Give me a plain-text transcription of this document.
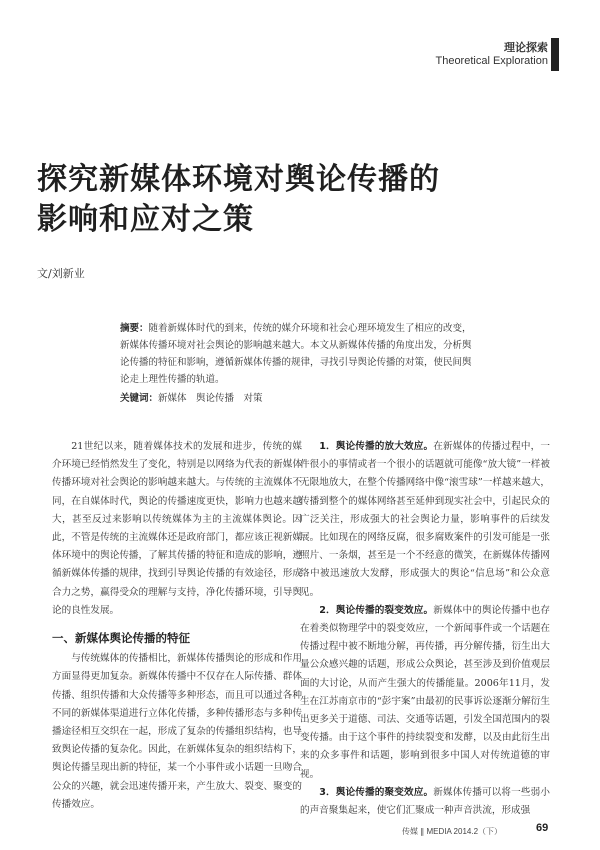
理论探索
Theoretical Exploration
探究新媒体环境对舆论传播的
影响和应对之策
文/刘新业
摘要：随着新媒体时代的到来，传统的媒介环境和社会心理环境发生了相应的改变，新媒体传播环境对社会舆论的影响越来越大。本文从新媒体传播的角度出发，分析舆论传播的特征和影响，遵循新媒体传播的规律，寻找引导舆论传播的对策，使民间舆论走上理性传播的轨道。
关键词：新媒体　舆论传播　对策

21世纪以来，随着媒体技术的发展和进步，传统的媒介环境已经悄然发生了变化，特别是以网络为代表的新媒体传播环境对社会舆论的影响越来越大。与传统的主流媒体不同，在自媒体时代，舆论的传播速度更快，影响力也越来越大，甚至反过来影响以传统媒体为主的主流媒体舆论。因此，不管是传统的主流媒体还是政府部门，都应该正视新媒体环境中的舆论传播，了解其传播的特征和造成的影响，遵循新媒体传播的规律，找到引导舆论传播的有效途径，形成合力之势，赢得受众的理解与支持，净化传播环境，引导舆论的良性发展。

一、新媒体舆论传播的特征

与传统媒体的传播相比，新媒体传播舆论的形成和作用方面显得更加复杂。新媒体传播中不仅存在人际传播、群体传播、组织传播和大众传播等多种形态，而且可以通过各种不同的新媒体渠道进行立体化传播，多种传播形态与多种传播途径相互交织在一起，形成了复杂的传播组织结构，也导致舆论传播的复杂化。因此，在新媒体复杂的组织结构下，舆论传播呈现出新的特征，某一个小事件或小话题一旦吻合公众的兴趣，就会迅速传播开来，产生放大、裂变、聚变的传播效应。

1．舆论传播的放大效应。在新媒体的传播过程中，一件很小的事情或者一个很小的话题就可能像“放大镜”一样被无限地放大，在整个传播网络中像“滚雪球”一样越来越大，传播到整个的媒体网络甚至延伸到现实社会中，引起民众的广泛关注，形成强大的社会舆论力量，影响事件的后续发展。比如现在的网络反腐，很多腐败案件的引发可能是一张照片、一条烟，甚至是一个不经意的微笑，在新媒体传播网络中被迅速放大发酵，形成强大的舆论“信息场”和公众意见。

2．舆论传播的裂变效应。新媒体中的舆论传播中也存在着类似物理学中的裂变效应，一个新闻事件或一个话题在传播过程中被不断地分解，再传播，再分解传播，衍生出大量公众感兴趣的话题，形成公众舆论，甚至涉及到价值观层面的大讨论，从而产生强大的传播能量。2006年11月，发生在江苏南京市的“彭宇案”由最初的民事诉讼逐渐分解衍生出更多关于道德、司法、交通等话题，引发全国范围内的裂变传播。由于这个事件的持续裂变和发酵，以及由此衍生出来的众多事件和话题，影响到很多中国人对传统道德的审视。

3．舆论传播的聚变效应。新媒体传播可以将一些弱小的声音聚集起来，使它们汇聚成一种声音洪流，形成强

传媒 ∥ MEDIA 2014.2（下）	69
